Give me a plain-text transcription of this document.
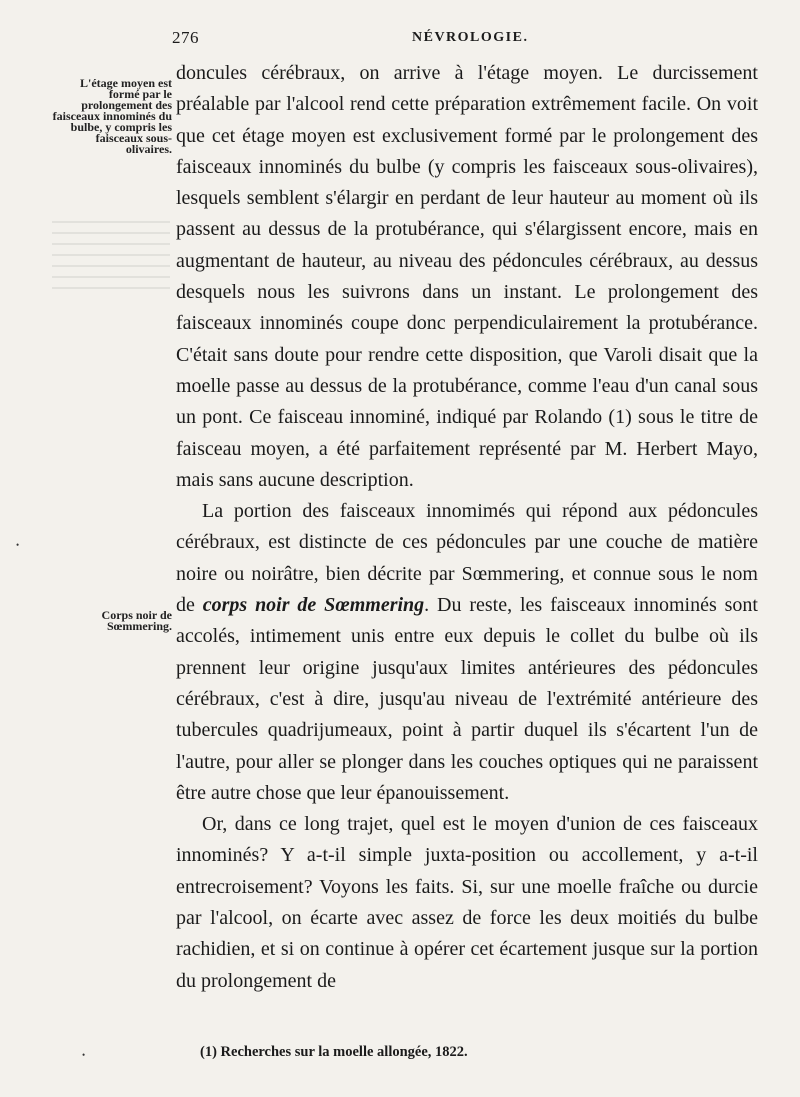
276	NÉVROLOGIE.
L'étage moyen est formé par le prolongement des faisceaux innominés du bulbe, y compris les faisceaux sous-olivaires.
Corps noir de Sœmmering.

doncules cérébraux, on arrive à l'étage moyen. Le durcissement préalable par l'alcool rend cette préparation extrêmement facile. On voit que cet étage moyen est exclusivement formé par le prolongement des faisceaux innominés du bulbe (y compris les faisceaux sous-olivaires), lesquels semblent s'élargir en perdant de leur hauteur au moment où ils passent au dessus de la protubérance, qui s'élargissent encore, mais en augmentant de hauteur, au niveau des pédoncules cérébraux, au dessus desquels nous les suivrons dans un instant. Le prolongement des faisceaux innominés coupe donc perpendiculairement la protubérance. C'était sans doute pour rendre cette disposition, que Varoli disait que la moelle passe au dessus de la protubérance, comme l'eau d'un canal sous un pont. Ce faisceau innominé, indiqué par Rolando (1) sous le titre de faisceau moyen, a été parfaitement représenté par M. Herbert Mayo, mais sans aucune description.

La portion des faisceaux innomimés qui répond aux pédoncules cérébraux, est distincte de ces pédoncules par une couche de matière noire ou noirâtre, bien décrite par Sœmmering, et connue sous le nom de corps noir de Sœmmering. Du reste, les faisceaux innominés sont accolés, intimement unis entre eux depuis le collet du bulbe où ils prennent leur origine jusqu'aux limites antérieures des pédoncules cérébraux, c'est à dire, jusqu'au niveau de l'extrémité antérieure des tubercules quadrijumeaux, point à partir duquel ils s'écartent l'un de l'autre, pour aller se plonger dans les couches optiques qui ne paraissent être autre chose que leur épanouissement.

Or, dans ce long trajet, quel est le moyen d'union de ces faisceaux innominés? Y a-t-il simple juxta-position ou accollement, y a-t-il entrecroisement? Voyons les faits. Si, sur une moelle fraîche ou durcie par l'alcool, on écarte avec assez de force les deux moitiés du bulbe rachidien, et si on continue à opérer cet écartement jusque sur la portion du prolongement de

•
•	(1) Recherches sur la moelle allongée, 1822.
